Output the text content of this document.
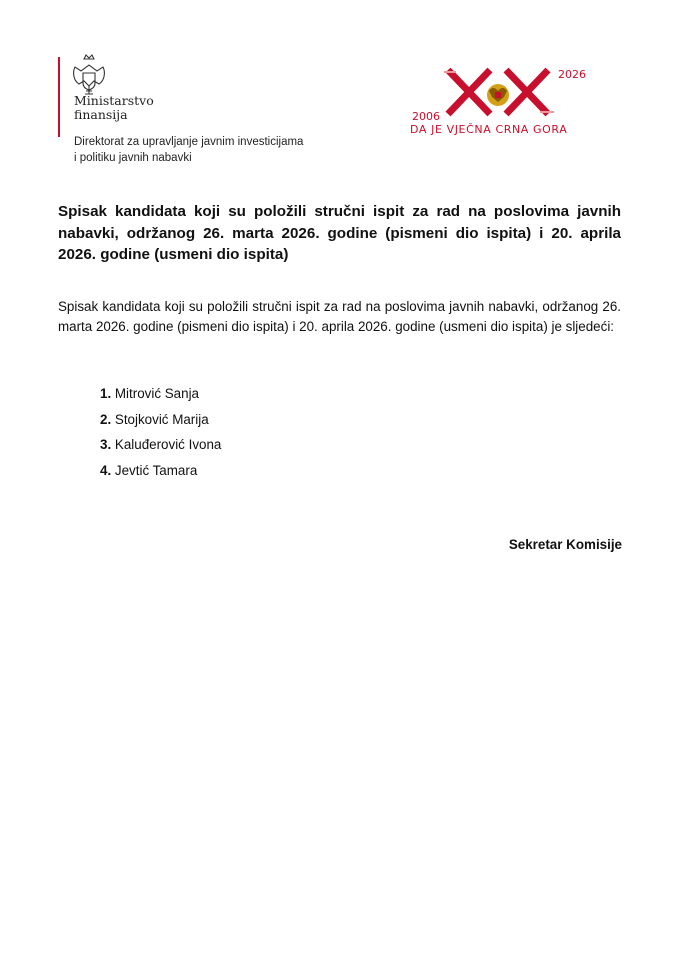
Ministarstvo
finansija
Direktorat za upravljanje javnim investicijama
i politiku javnih nabavki
2006
2026
DA JE VJEČNA CRNA GORA

Spisak kandidata koji su položili stručni ispit za rad na poslovima javnih nabavki, održanog 26. marta 2026. godine (pismeni dio ispita) i 20. aprila 2026. godine (usmeni dio ispita)

Spisak kandidata koji su položili stručni ispit za rad na poslovima javnih nabavki, održanog 26. marta 2026. godine (pismeni dio ispita) i 20. aprila 2026. godine (usmeni dio ispita) je sljedeći:

1. Mitrović Sanja
2. Stojković Marija
3. Kaluđerović Ivona
4. Jevtić Tamara
Sekretar Komisije
